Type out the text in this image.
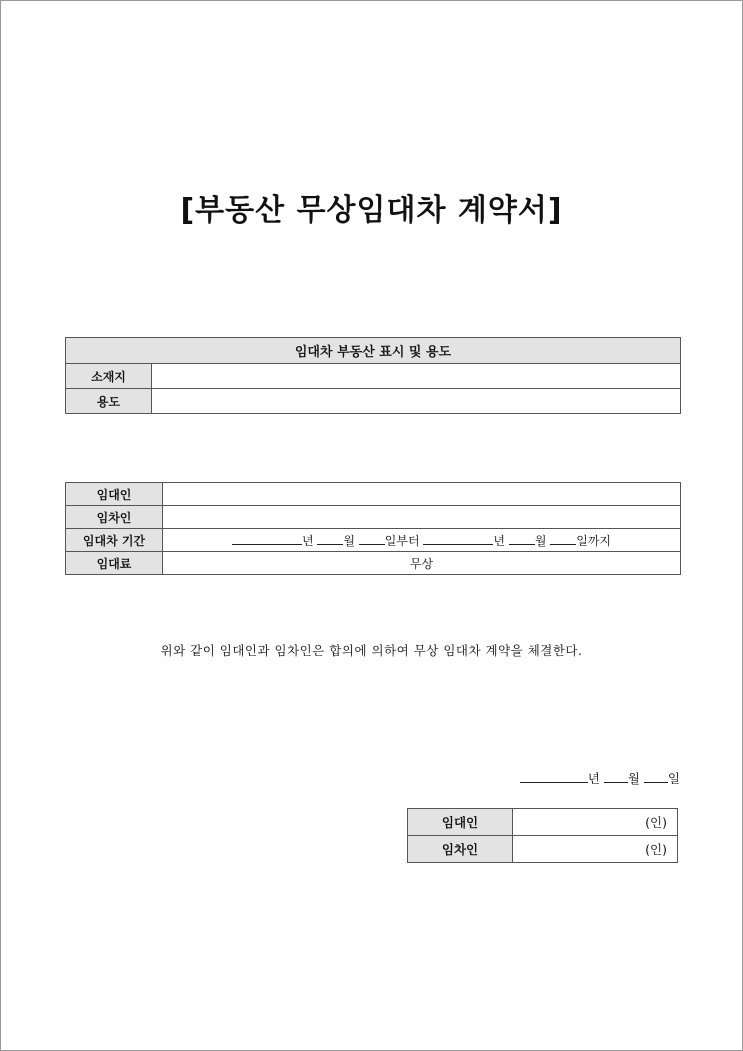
[부동산 무상임대차 계약서]
임대차 부동산 표시 및 용도	
소재지	
용도	
임대인	
임차인	
임대차 기간	년 월 일부터 년 월 일까지
임대료	무상
위와 같이 임대인과 임차인은 합의에 의하여 무상 임대차 계약을 체결한다.
년 월 일
임대인	(인)
임차인	(인)
